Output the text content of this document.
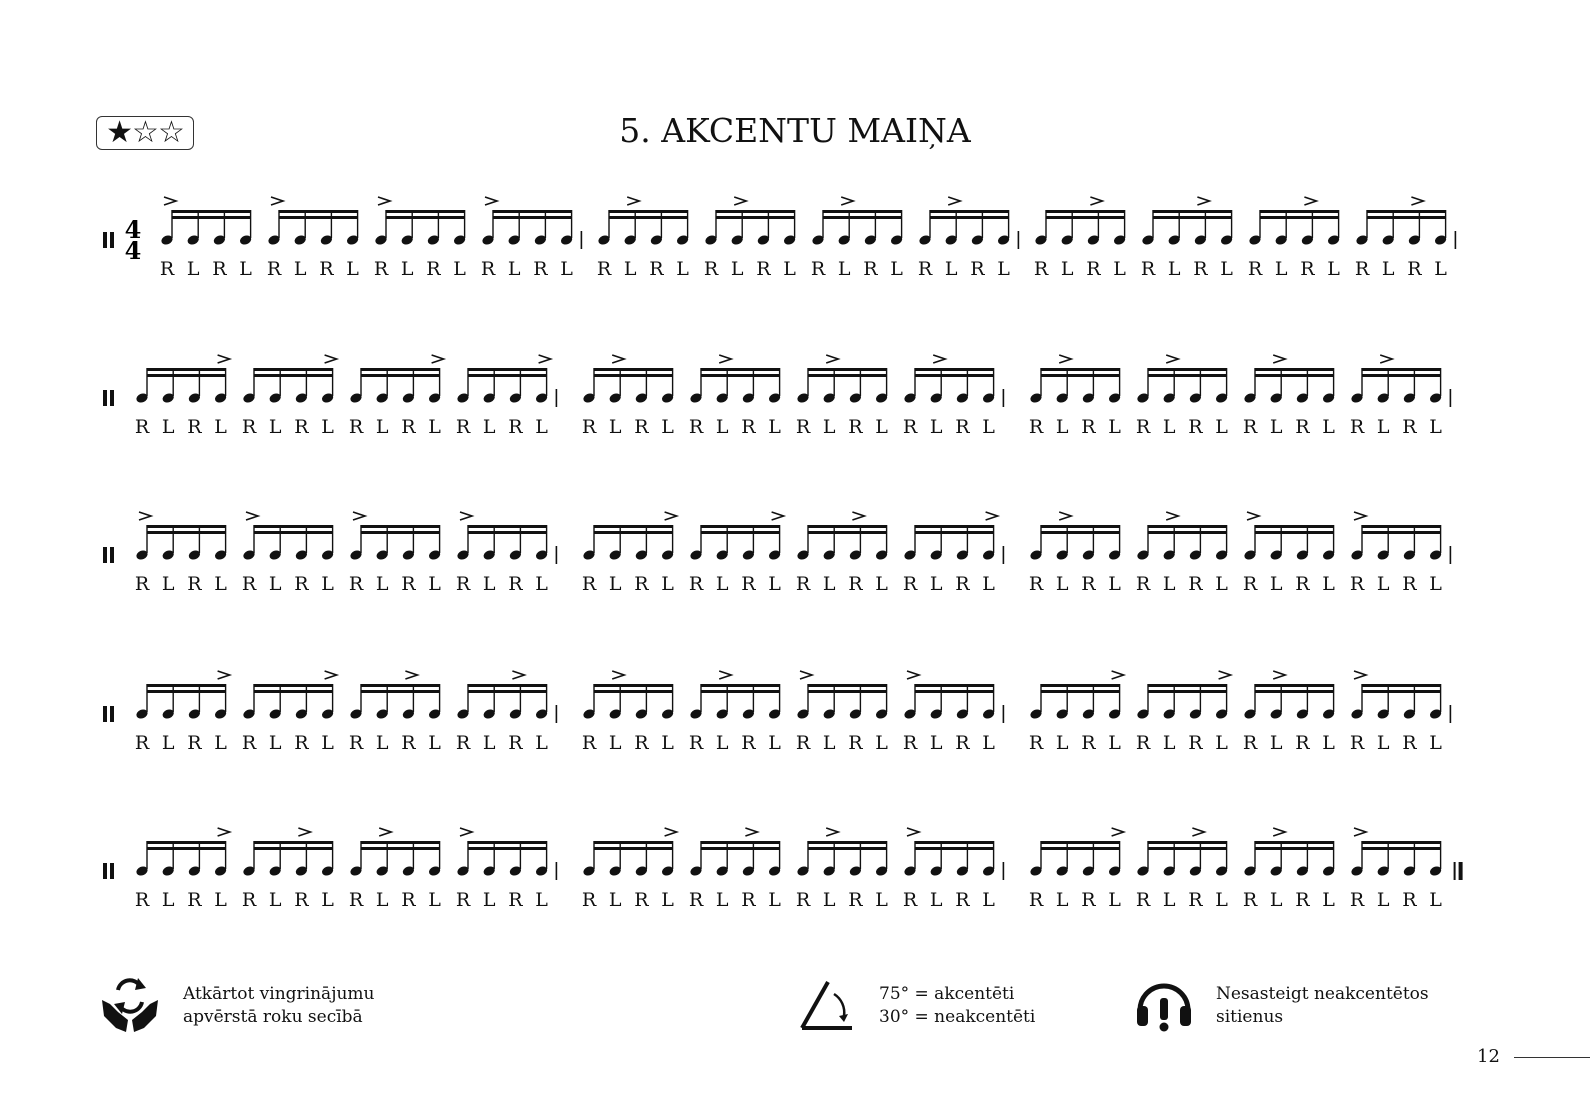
★☆☆	5. AKCENTU MAIŅA
4
4
R L R L R L R L R L R L R L R L R L R L R L R L R L R L R L R L R L R L R L R L R L R L R L R L
R L R L R L R L R L R L R L R L R L R L R L R L R L R L R L R L R L R L R L R L R L R L R L R L
R L R L R L R L R L R L R L R L R L R L R L R L R L R L R L R L R L R L R L R L R L R L R L R L
R L R L R L R L R L R L R L R L R L R L R L R L R L R L R L R L R L R L R L R L R L R L R L R L
R L R L R L R L R L R L R L R L R L R L R L R L R L R L R L R L R L R L R L R L R L R L R L R L
Atkārtot vingrinājumu
apvērstā roku secībā
75° = akcentēti
30° = neakcentēti
Nesasteigt neakcentētos
sitienus
12
